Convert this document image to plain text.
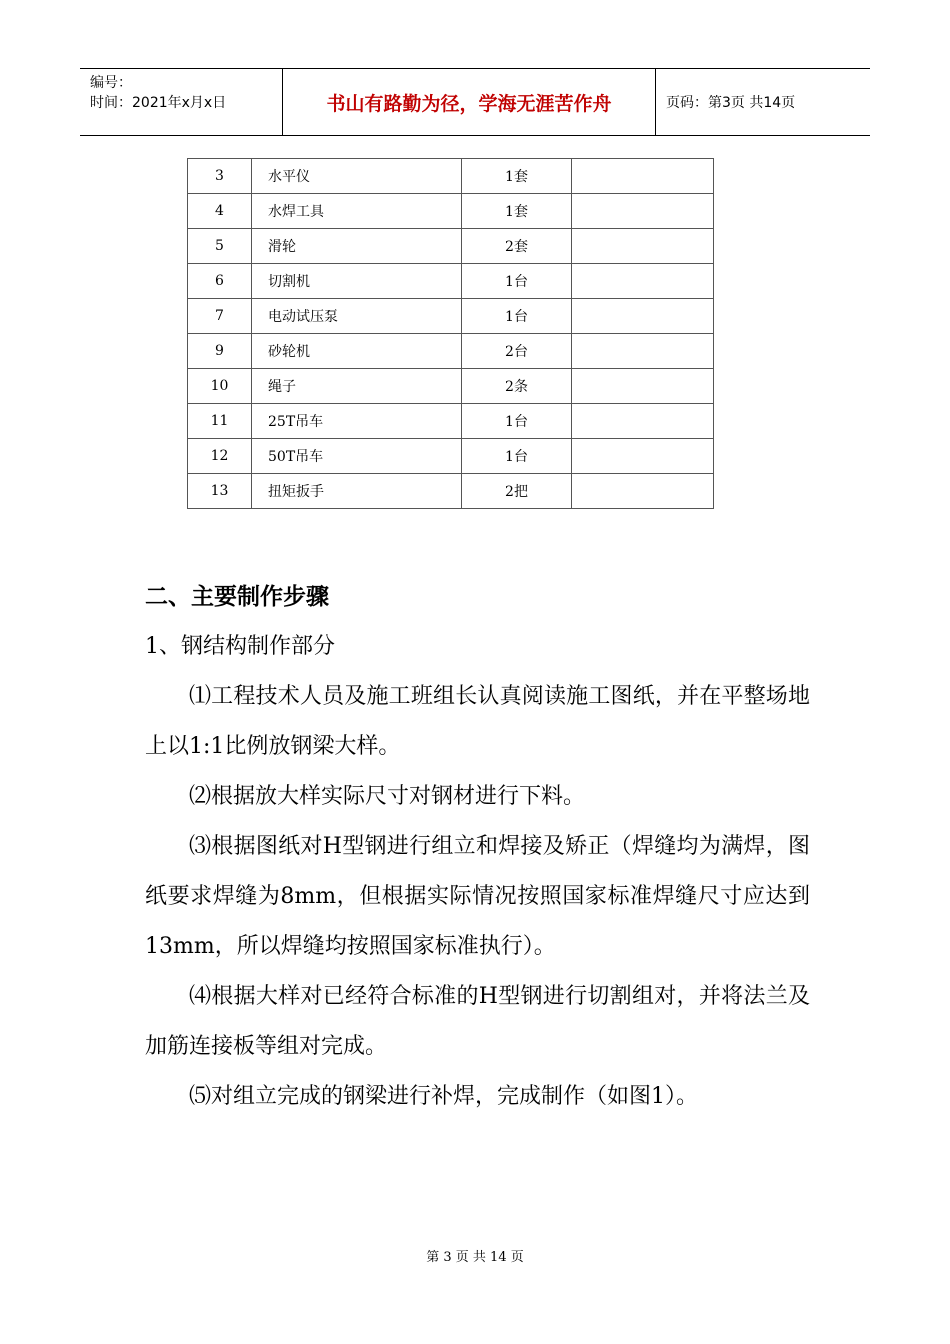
编号：
时间：2021年x月x日	书山有路勤为径，学海无涯苦作舟	页码：第3页 共14页
3	水平仪	1套	
4	水焊工具	1套	
5	滑轮	2套	
6	切割机	1台	
7	电动试压泵	1台	
9	砂轮机	2台	
10	绳子	2条	
11	25T吊车	1台	
12	50T吊车	1台	
13	扭矩扳手	2把	
二、主要制作步骤
1、钢结构制作部分

⑴工程技术人员及施工班组长认真阅读施工图纸，并在平整场地上以1:1比例放钢梁大样。

⑵根据放大样实际尺寸对钢材进行下料。

⑶根据图纸对H型钢进行组立和焊接及矫正（焊缝均为满焊，图纸要求焊缝为8mm，但根据实际情况按照国家标准焊缝尺寸应达到13mm，所以焊缝均按照国家标准执行）。

⑷根据大样对已经符合标准的H型钢进行切割组对，并将法兰及加筋连接板等组对完成。

⑸对组立完成的钢梁进行补焊，完成制作（如图1）。

第 3 页 共 14 页
